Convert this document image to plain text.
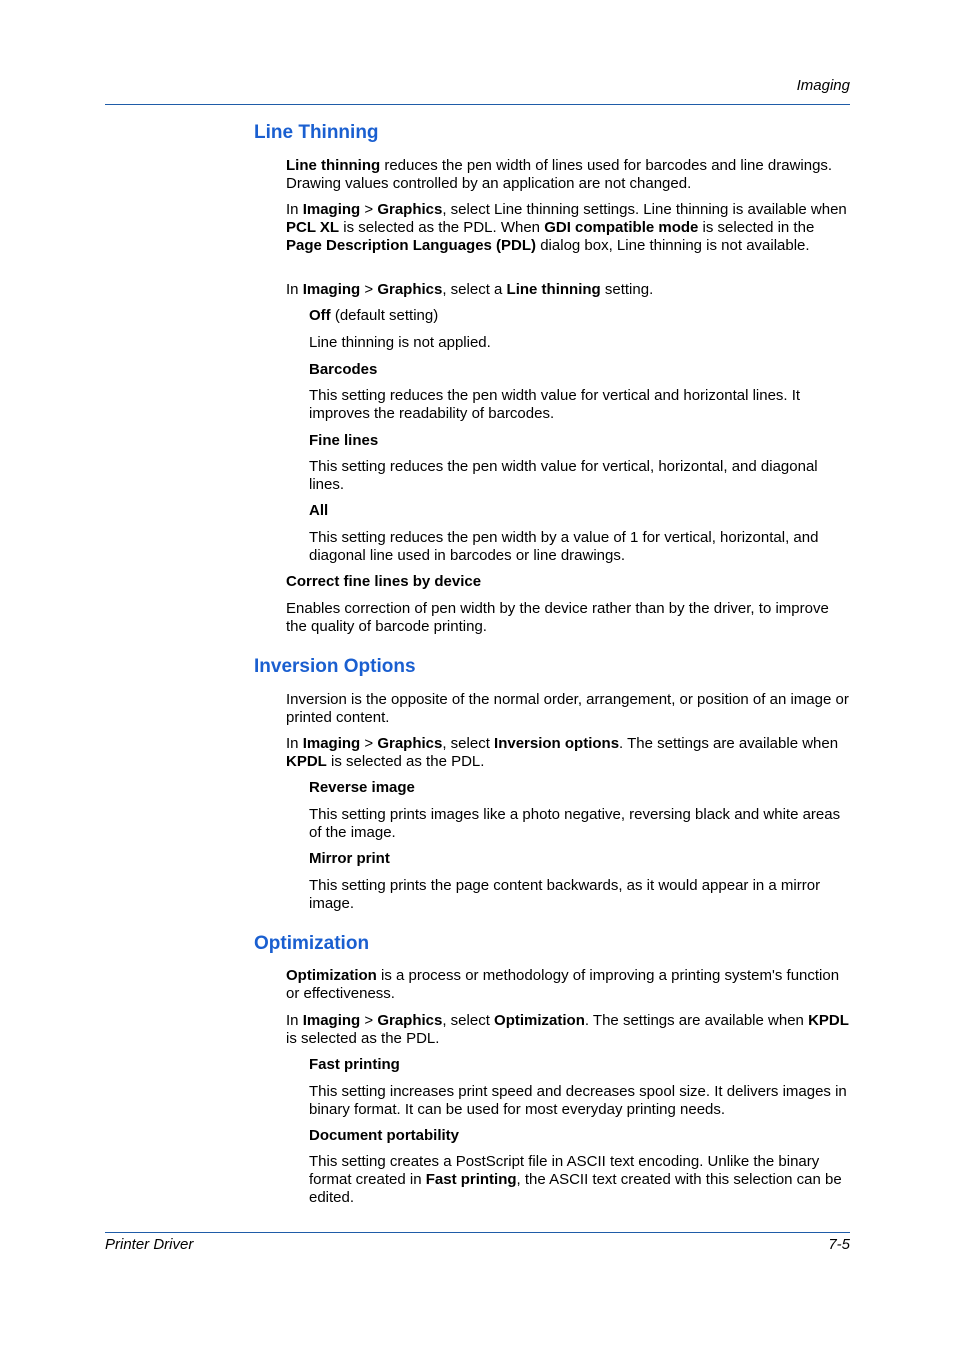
Imaging
Line Thinning

Line thinning reduces the pen width of lines used for barcodes and line drawings. Drawing values controlled by an application are not changed.

In Imaging > Graphics, select Line thinning settings. Line thinning is available when PCL XL is selected as the PDL. When GDI compatible mode is selected in the Page Description Languages (PDL) dialog box, Line thinning is not available.

In Imaging > Graphics, select a Line thinning setting.

Off (default setting)

Line thinning is not applied.

Barcodes

This setting reduces the pen width value for vertical and horizontal lines. It improves the readability of barcodes.

Fine lines

This setting reduces the pen width value for vertical, horizontal, and diagonal lines.

All

This setting reduces the pen width by a value of 1 for vertical, horizontal, and diagonal line used in barcodes or line drawings.

Correct fine lines by device

Enables correction of pen width by the device rather than by the driver, to improve the quality of barcode printing.

Inversion Options

Inversion is the opposite of the normal order, arrangement, or position of an image or printed content.

In Imaging > Graphics, select Inversion options. The settings are available when KPDL is selected as the PDL.

Reverse image

This setting prints images like a photo negative, reversing black and white areas of the image.

Mirror print

This setting prints the page content backwards, as it would appear in a mirror image.

Optimization

Optimization is a process or methodology of improving a printing system's function or effectiveness.

In Imaging > Graphics, select Optimization. The settings are available when KPDL is selected as the PDL.

Fast printing

This setting increases print speed and decreases spool size. It delivers images in binary format. It can be used for most everyday printing needs.

Document portability

This setting creates a PostScript file in ASCII text encoding. Unlike the binary format created in Fast printing, the ASCII text created with this selection can be edited.

Printer Driver	7-5
